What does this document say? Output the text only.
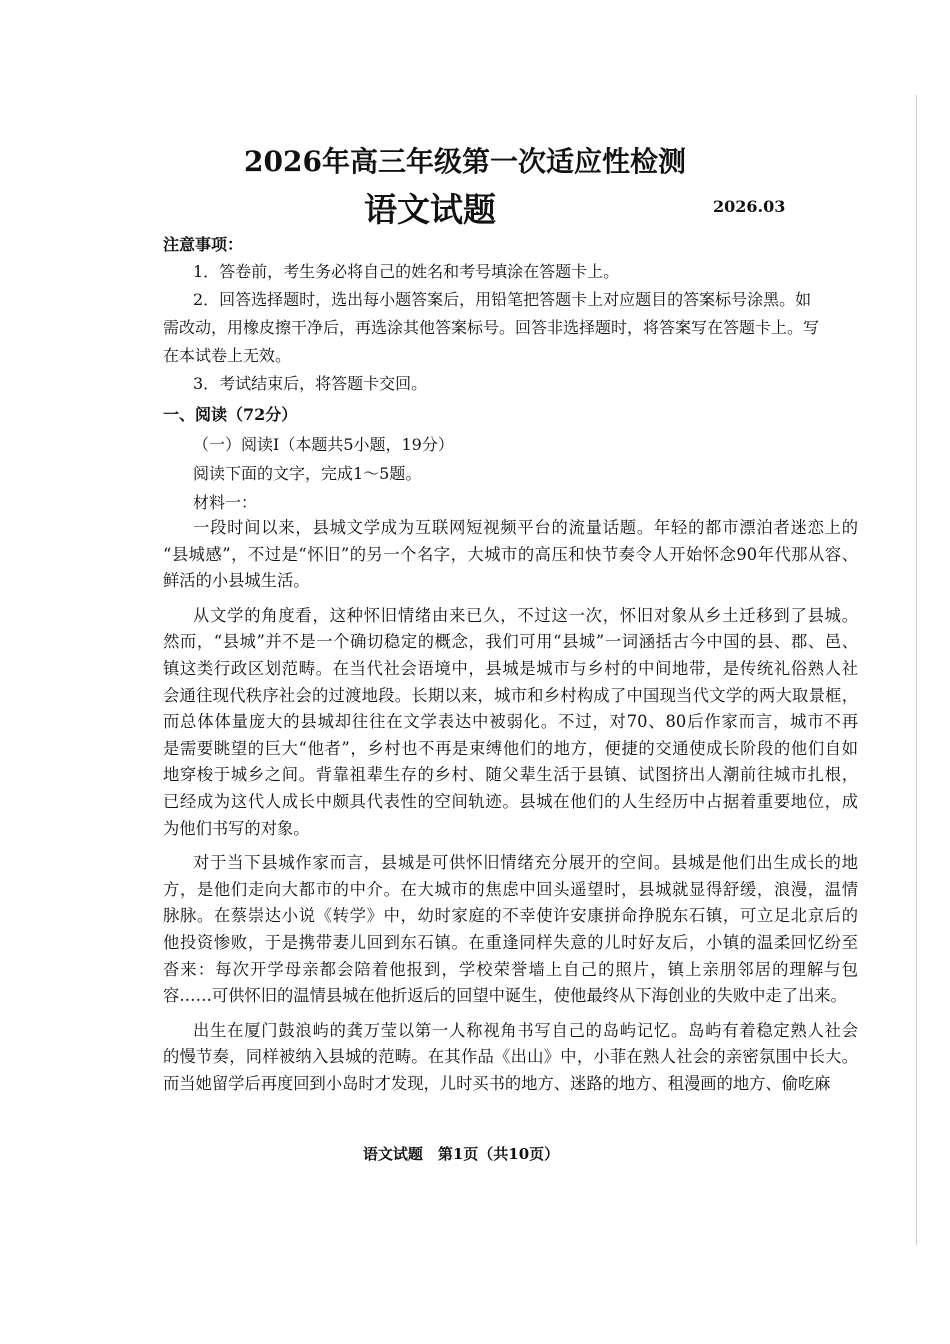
2026年高三年级第一次适应性检测
语文试题	2026.03
注意事项：
1．答卷前，考生务必将自己的姓名和考号填涂在答题卡上。
2．回答选择题时，选出每小题答案后，用铅笔把答题卡上对应题目的答案标号涂黑。如
需改动，用橡皮擦干净后，再选涂其他答案标号。回答非选择题时，将答案写在答题卡上。写
在本试卷上无效。
3．考试结束后，将答题卡交回。
一、阅读（72分）
（一）阅读Ⅰ（本题共5小题，19分）
阅读下面的文字，完成1～5题。
材料一：
一段时间以来，县城文学成为互联网短视频平台的流量话题。年轻的都市漂泊者迷恋上的
“县城感”，不过是“怀旧”的另一个名字，大城市的高压和快节奏令人开始怀念90年代那从容、
鲜活的小县城生活。
从文学的角度看，这种怀旧情绪由来已久，不过这一次，怀旧对象从乡土迁移到了县城。
然而，“县城”并不是一个确切稳定的概念，我们可用“县城”一词涵括古今中国的县、郡、邑、
镇这类行政区划范畴。在当代社会语境中，县城是城市与乡村的中间地带，是传统礼俗熟人社
会通往现代秩序社会的过渡地段。长期以来，城市和乡村构成了中国现当代文学的两大取景框，
而总体体量庞大的县城却往往在文学表达中被弱化。不过，对70、80后作家而言，城市不再
是需要眺望的巨大“他者”，乡村也不再是束缚他们的地方，便捷的交通使成长阶段的他们自如
地穿梭于城乡之间。背靠祖辈生存的乡村、随父辈生活于县镇、试图挤出人潮前往城市扎根，
已经成为这代人成长中颇具代表性的空间轨迹。县城在他们的人生经历中占据着重要地位，成
为他们书写的对象。
对于当下县城作家而言，县城是可供怀旧情绪充分展开的空间。县城是他们出生成长的地
方，是他们走向大都市的中介。在大城市的焦虑中回头遥望时，县城就显得舒缓，浪漫，温情
脉脉。在蔡崇达小说《转学》中，幼时家庭的不幸使许安康拼命挣脱东石镇，可立足北京后的
他投资惨败，于是携带妻儿回到东石镇。在重逢同样失意的儿时好友后，小镇的温柔回忆纷至
沓来：每次开学母亲都会陪着他报到，学校荣誉墙上自己的照片，镇上亲朋邻居的理解与包
容……可供怀旧的温情县城在他折返后的回望中诞生，使他最终从下海创业的失败中走了出来。
出生在厦门鼓浪屿的龚万莹以第一人称视角书写自己的岛屿记忆。岛屿有着稳定熟人社会
的慢节奏，同样被纳入县城的范畴。在其作品《出山》中，小菲在熟人社会的亲密氛围中长大。
而当她留学后再度回到小岛时才发现，儿时买书的地方、迷路的地方、租漫画的地方、偷吃麻
语文试题　第1页（共10页）
